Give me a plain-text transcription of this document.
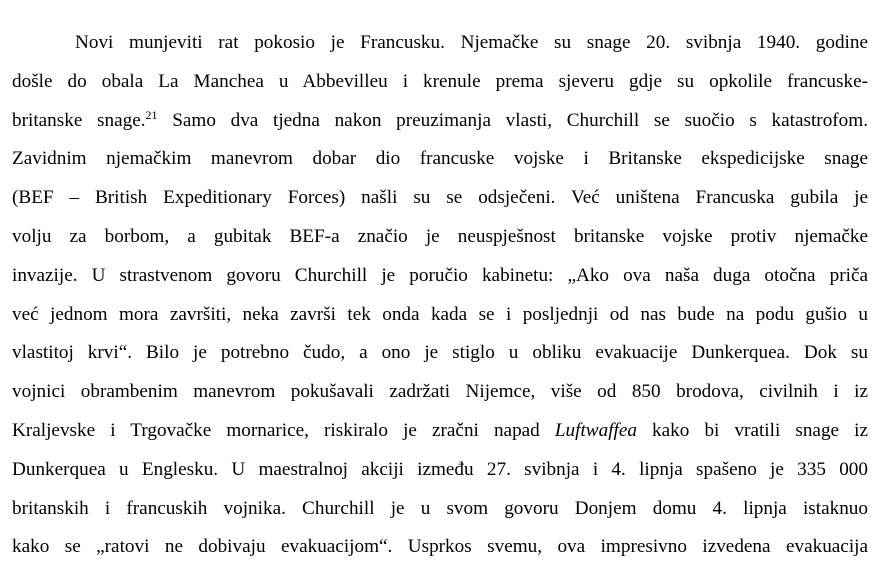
Novi munjeviti rat pokosio je Francusku. Njemačke su snage 20. svibnja 1940. godine
došle do obala La Manchea u Abbevilleu i krenule prema sjeveru gdje su opkolile francuske-
britanske snage.$^{21}$ Samo dva tjedna nakon preuzimanja vlasti, Churchill se suočio s katastrofom.
Zavidnim njemačkim manevrom dobar dio francuske vojske i Britanske ekspedicijske snage
(BEF – British Expeditionary Forces) našli su se odsječeni. Već uništena Francuska gubila je
volju za borbom, a gubitak BEF-a značio je neuspješnost britanske vojske protiv njemačke
invazije. U strastvenom govoru Churchill je poručio kabinetu: „Ako ova naša duga otočna priča
već jednom mora završiti, neka završi tek onda kada se i posljednji od nas bude na podu gušio u
vlastitoj krvi“. Bilo je potrebno čudo, a ono je stiglo u obliku evakuacije Dunkerquea. Dok su
vojnici obrambenim manevrom pokušavali zadržati Nijemce, više od 850 brodova, civilnih i iz
Kraljevske i Trgovačke mornarice, riskiralo je zračni napad Luftwaffea kako bi vratili snage iz
Dunkerquea u Englesku. U maestralnoj akciji između 27. svibnja i 4. lipnja spašeno je 335 000
britanskih i francuskih vojnika. Churchill je u svom govoru Donjem domu 4. lipnja istaknuo
kako se „ratovi ne dobivaju evakuacijom“. Usprkos svemu, ova impresivno izvedena evakuacija
